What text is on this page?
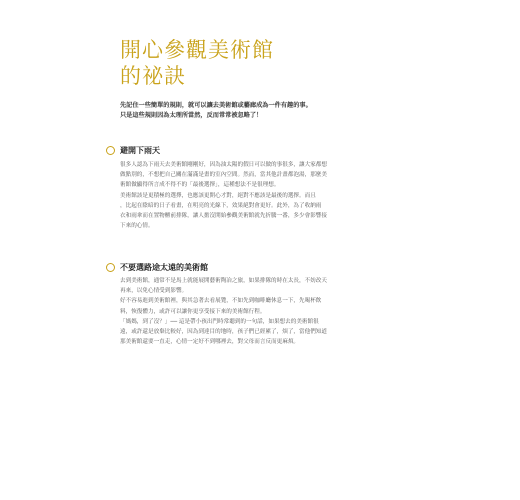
開心參觀美術館
的祕訣
先記住一些簡單的規則，就可以讓去美術館或藝廊成為一件有趣的事。
只是這些規則因為太理所當然，反而常常被忽略了！
避開下雨天
很多人認為下雨天去美術館剛剛好，因為油太陽的假日可以做的事很多，讓大家都想
做點別的，不想把自己關在滿滿是畫的室內空間。然而，當其他計畫都泡湯，那麼美
術館做顯得所言成不得不的「最後選擇」，這種想法不是很理想。
美術館該是更積極的選擇，也應該更開心才對，絕對不應該是最後的選擇。而且
，比起在陰暗的日子看畫，在明亮的光線下，效果絕對會更好。此外，為了收納雨
衣和雨傘而在置物櫃前排隊，讓人擔沒開始參觀美術館就先折騰一番，多少會影響接
下來的心情。
不要選路途太遠的美術館
去到美術館，通常不是馬上就能展開藝術陶冶之旅，如果排隊的時在太長，不妨改天
再來，以免心情受到影響。
好不容易進到美術館裡，與其急著去看展覽，不如先到咖啡廳休息一下，先喝杯飲
料，恢復體力，或許可以讓你更享受接下來的美術館行程。
「媽媽，到了沒？」── 這是帶小孩出門時常聽到的一句話，如果想去的美術館很
遠，或許還是放棄比較好，因為到達目的地時，孩子們已經累了，煩了，當他們知道
那美術館還要一直走，心情一定好不到哪裡去，對父母而言反而更麻煩。
